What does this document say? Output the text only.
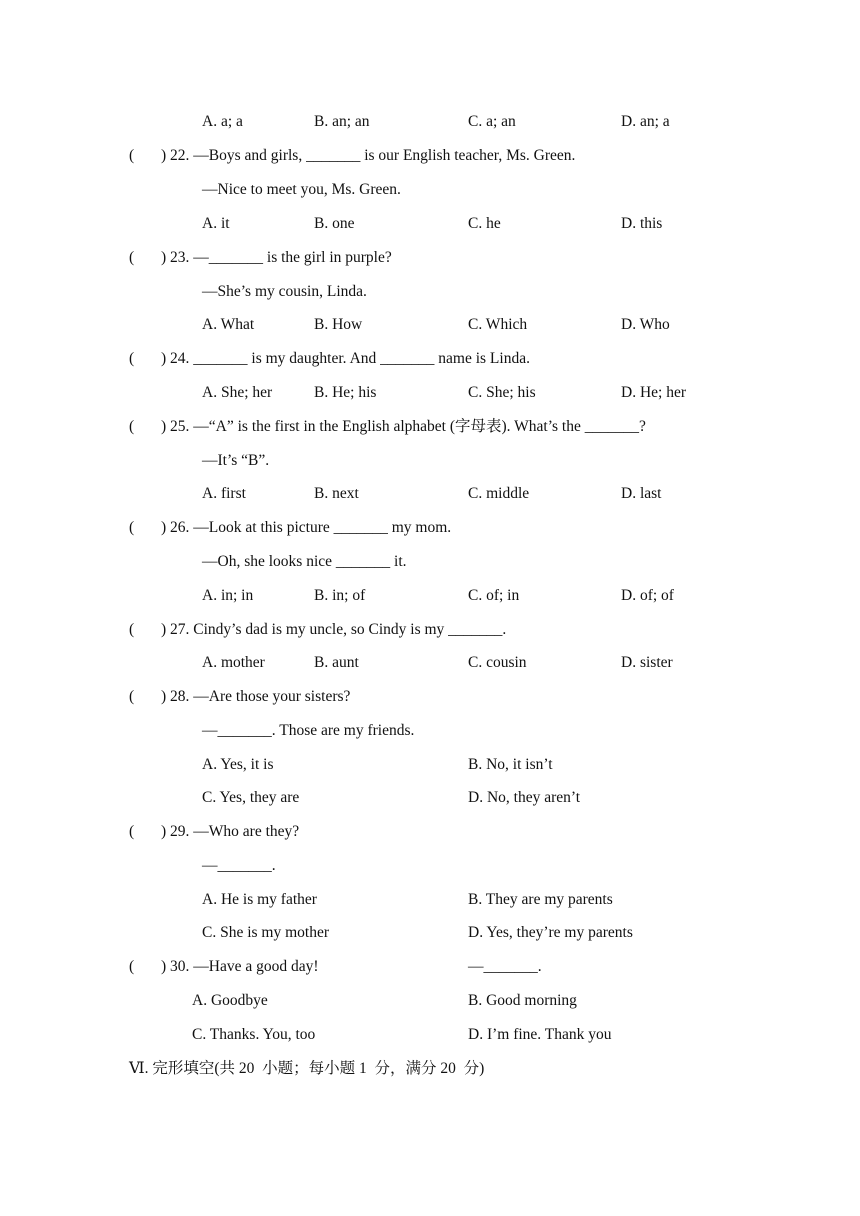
A. a; a	B. an; an	C. a; an	D. an; a
( ) 22. —Boys and girls, _______ is our English teacher, Ms. Green.
—Nice to meet you, Ms. Green.
A. it	B. one	C. he	D. this
( ) 23. —_______ is the girl in purple?
—She’s my cousin, Linda.
A. What	B. How	C. Which	D. Who
( ) 24. _______ is my daughter. And _______ name is Linda.
A. She; her	B. He; his	C. She; his	D. He; her
( ) 25. —“A” is the first in the English alphabet (字母表). What’s the _______?
—It’s “B”.
A. first	B. next	C. middle	D. last
( ) 26. —Look at this picture _______ my mom.
—Oh, she looks nice _______ it.
A. in; in	B. in; of	C. of; in	D. of; of
( ) 27. Cindy’s dad is my uncle, so Cindy is my _______.
A. mother	B. aunt	C. cousin	D. sister
( ) 28. —Are those your sisters?
—_______. Those are my friends.
A. Yes, it is	B. No, it isn’t
C. Yes, they are	D. No, they aren’t
( ) 29. —Who are they?
—_______.
A. He is my father	B. They are my parents
C. She is my mother	D. Yes, they’re my parents
( ) 30. —Have a good day!	—_______.
A. Goodbye	B. Good morning
C. Thanks. You, too	D. I’m fine. Thank you
Ⅵ. 完形填空(共 20  小题；每小题 1  分，满分 20  分)
